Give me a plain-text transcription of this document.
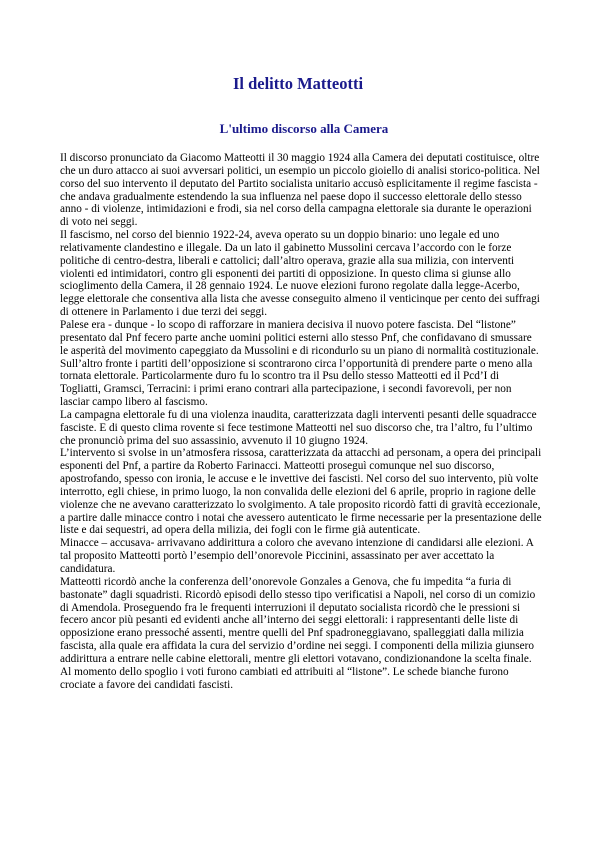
Il delitto Matteotti
L'ultimo discorso alla Camera

Il discorso pronunciato da Giacomo Matteotti il 30 maggio 1924 alla Camera dei deputati costituisce, oltre che un duro attacco ai suoi avversari politici, un esempio un piccolo gioiello di analisi storico-politica. Nel corso del suo intervento il deputato del Partito socialista unitario accusò esplicitamente il regime fascista - che andava gradualmente estendendo la sua influenza nel paese dopo il successo elettorale dello stesso anno - di violenze, intimidazioni e frodi, sia nel corso della campagna elettorale sia durante le operazioni di voto nei seggi.

Il fascismo, nel corso del biennio 1922-24, aveva operato su un doppio binario: uno legale ed uno relativamente clandestino e illegale. Da un lato il gabinetto Mussolini cercava l’accordo con le forze politiche di centro-destra, liberali e cattolici; dall’altro operava, grazie alla sua milizia, con interventi violenti ed intimidatori, contro gli esponenti dei partiti di opposizione. In questo clima si giunse allo scioglimento della Camera, il 28 gennaio 1924. Le nuove elezioni furono regolate dalla legge-Acerbo, legge elettorale che consentiva alla lista che avesse conseguito almeno il venticinque per cento dei suffragi di ottenere in Parlamento i due terzi dei seggi.

Palese era - dunque - lo scopo di rafforzare in maniera decisiva il nuovo potere fascista. Del “listone” presentato dal Pnf fecero parte anche uomini politici esterni allo stesso Pnf, che confidavano di smussare le asperità del movimento capeggiato da Mussolini e di ricondurlo su un piano di normalità costituzionale.

Sull’altro fronte i partiti dell’opposizione si scontrarono circa l’opportunità di prendere parte o meno alla tornata elettorale. Particolarmente duro fu lo scontro tra il Psu dello stesso Matteotti ed il Pcd’I di Togliatti, Gramsci, Terracini: i primi erano contrari alla partecipazione, i secondi favorevoli, per non lasciar campo libero al fascismo.

La campagna elettorale fu di una violenza inaudita, caratterizzata dagli interventi pesanti delle squadracce fasciste. E di questo clima rovente si fece testimone Matteotti nel suo discorso che, tra l’altro, fu l’ultimo che pronunciò prima del suo assassinio, avvenuto il 10 giugno 1924.

L’intervento si svolse in un’atmosfera rissosa, caratterizzata da attacchi ad personam, a opera dei principali esponenti del Pnf, a partire da Roberto Farinacci. Matteotti proseguì comunque nel suo discorso, apostrofando, spesso con ironia, le accuse e le invettive dei fascisti. Nel corso del suo intervento, più volte interrotto, egli chiese, in primo luogo, la non convalida delle elezioni del 6 aprile, proprio in ragione delle violenze che ne avevano caratterizzato lo svolgimento. A tale proposito ricordò fatti di gravità eccezionale, a partire dalle minacce contro i notai che avessero autenticato le firme necessarie per la presentazione delle liste e dai sequestri, ad opera della milizia, dei fogli con le firme già autenticate.

Minacce – accusava- arrivavano addirittura a coloro che avevano intenzione di candidarsi alle elezioni. A tal proposito Matteotti portò l’esempio dell’onorevole Piccinini, assassinato per aver accettato la candidatura.

Matteotti ricordò anche la conferenza dell’onorevole Gonzales a Genova, che fu impedita “a furia di bastonate” dagli squadristi. Ricordò episodi dello stesso tipo verificatisi a Napoli, nel corso di un comizio di Amendola. Proseguendo fra le frequenti interruzioni il deputato socialista ricordò che le pressioni si fecero ancor più pesanti ed evidenti anche all’interno dei seggi elettorali: i rappresentanti delle liste di opposizione erano pressoché assenti, mentre quelli del Pnf spadroneggiavano, spalleggiati dalla milizia fascista, alla quale era affidata la cura del servizio d’ordine nei seggi. I componenti della milizia giunsero addirittura a entrare nelle cabine elettorali, mentre gli elettori votavano, condizionandone la scelta finale. Al momento dello spoglio i voti furono cambiati ed attribuiti al “listone”. Le schede bianche furono crociate a favore dei candidati fascisti.
